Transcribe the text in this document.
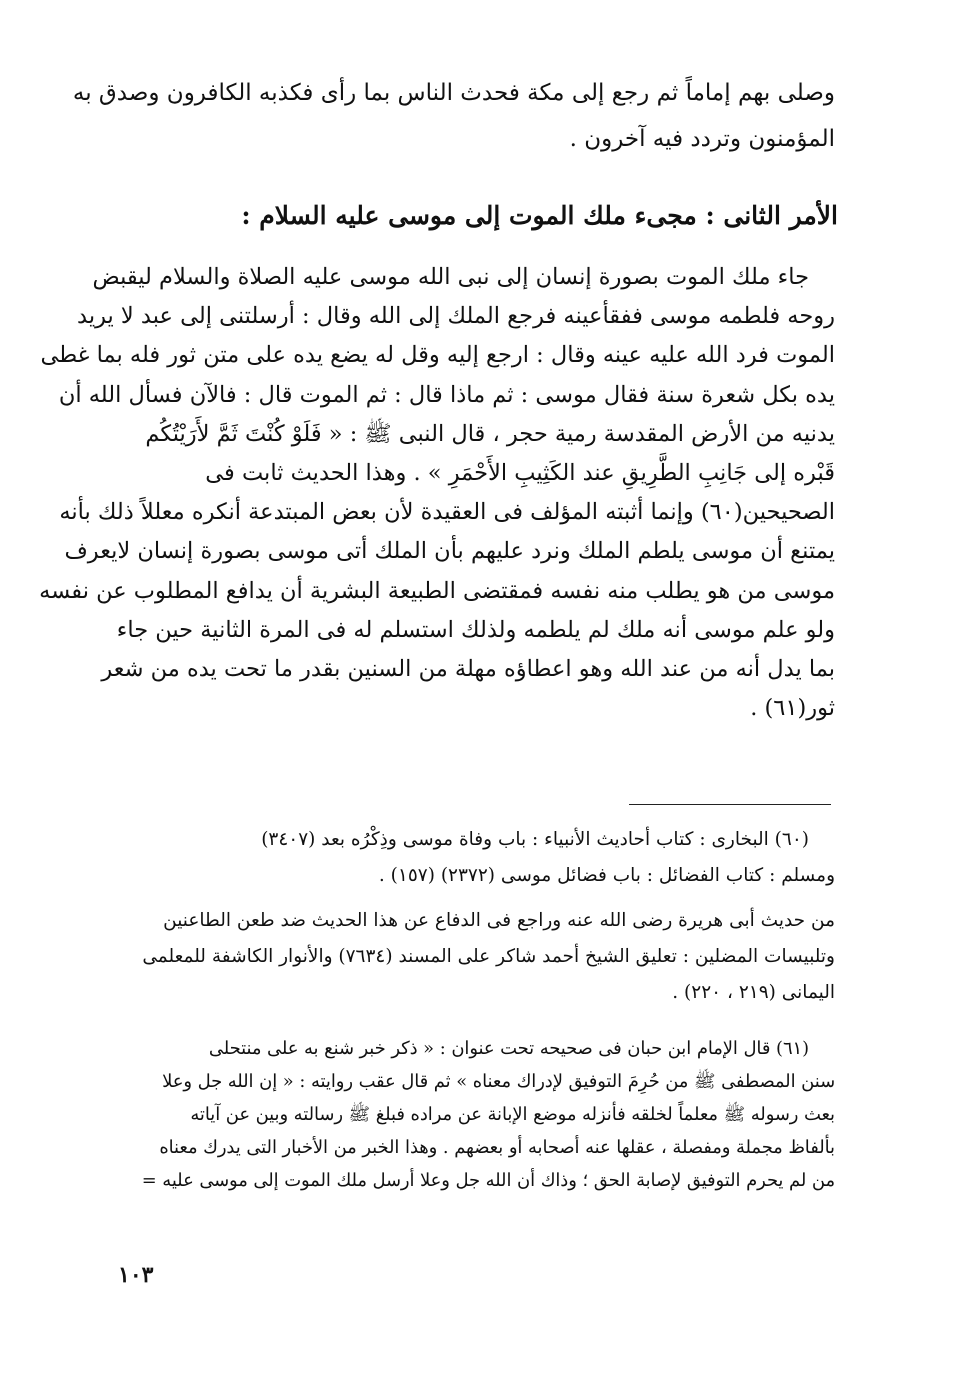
وصلى بهم إماماً ثم رجع إلى مكة فحدث الناس بما رأى فكذبه الكافرون وصدق به
المؤمنون وتردد فيه آخرون .
الأمر الثانى : مجىء ملك الموت إلى موسى عليه السلام :
جاء ملك الموت بصورة إنسان إلى نبى الله موسى عليه الصلاة والسلام ليقبض
روحه فلطمه موسى ففقأعينه فرجع الملك إلى الله وقال : أرسلتنى إلى عبد لا يريد
الموت فرد الله عليه عينه وقال : ارجع إليه وقل له يضع يده على متن ثور فله بما غطى
يده بكل شعرة سنة فقال موسى : ثم ماذا قال : ثم الموت قال : فالآن فسأل الله أن
يدنيه من الأرض المقدسة رمية حجر ، قال النبى ﷺ : « فَلَوْ كُنْتَ ثَمَّ لأَرَيْتُكُم
قَبْره إلى جَانِبِ الطَّرِيقِ عند الكَثِيبِ الأَحْمَرِ » . وهذا الحديث ثابت فى
الصحيحين(٦٠) وإنما أثبته المؤلف فى العقيدة لأن بعض المبتدعة أنكره معللاً ذلك بأنه
يمتنع أن موسى يلطم الملك ونرد عليهم بأن الملك أتى موسى بصورة إنسان لايعرف
موسى من هو يطلب منه نفسه فمقتضى الطبيعة البشرية أن يدافع المطلوب عن نفسه
ولو علم موسى أنه ملك لم يلطمه ولذلك استسلم له فى المرة الثانية حين جاء
بما يدل أنه من عند الله وهو اعطاؤه مهلة من السنين بقدر ما تحت يده من شعر
ثور(٦١) .
(٦٠) البخارى : كتاب أحاديث الأنبياء : باب وفاة موسى وذِكْرُه بعد (٣٤٠٧)
ومسلم : كتاب الفضائل : باب فضائل موسى (٢٣٧٢) (١٥٧) .
من حديث أبى هريرة رضى الله عنه وراجع فى الدفاع عن هذا الحديث ضد طعن الطاعنين
وتلبيسات المضلين : تعليق الشيخ أحمد شاكر على المسند (٧٦٣٤) والأنوار الكاشفة للمعلمى
اليمانى (٢١٩ ، ٢٢٠) .
(٦١) قال الإمام ابن حبان فى صحيحه تحت عنوان : « ذكر خبر شنع به على منتحلى
سنن المصطفى ﷺ من حُرِمَ التوفيق لإدراك معناه » ثم قال عقب روايته : « إن الله جل وعلا
بعث رسوله ﷺ معلماً لخلقه فأنزله موضع الإبانة عن مراده فبلغ ﷺ رسالته وبين عن آياته
بألفاظ مجملة ومفصلة ، عقلها عنه أصحابه أو بعضهم . وهذا الخبر من الأخبار التى يدرك معناه
من لم يحرم التوفيق لإصابة الحق ؛ وذاك أن الله جل وعلا أرسل ملك الموت إلى موسى عليه =
١٠٣
